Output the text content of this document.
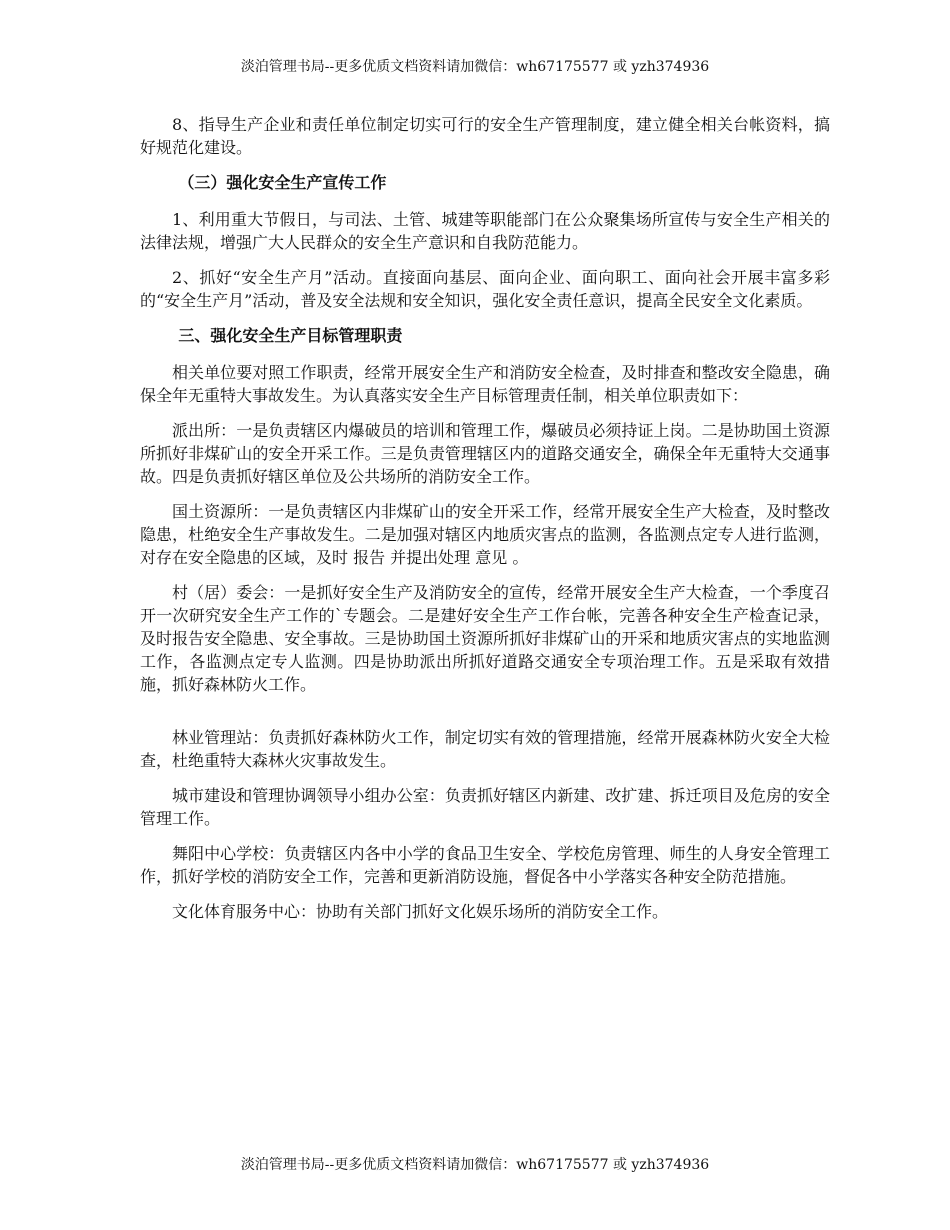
淡泊管理书局--更多优质文档资料请加微信：wh67175577 或 yzh374936

8、指导生产企业和责任单位制定切实可行的安全生产管理制度，建立健全相关台帐资料，搞好规范化建设。

（三）强化安全生产宣传工作

1、利用重大节假日，与司法、土管、城建等职能部门在公众聚集场所宣传与安全生产相关的法律法规，增强广大人民群众的安全生产意识和自我防范能力。

2、抓好“安全生产月”活动。直接面向基层、面向企业、面向职工、面向社会开展丰富多彩的“安全生产月”活动，普及安全法规和安全知识，强化安全责任意识，提高全民安全文化素质。

三、强化安全生产目标管理职责

相关单位要对照工作职责，经常开展安全生产和消防安全检查，及时排查和整改安全隐患，确保全年无重特大事故发生。为认真落实安全生产目标管理责任制，相关单位职责如下：

派出所：一是负责辖区内爆破员的培训和管理工作，爆破员必须持证上岗。二是协助国土资源所抓好非煤矿山的安全开采工作。三是负责管理辖区内的道路交通安全，确保全年无重特大交通事故。四是负责抓好辖区单位及公共场所的消防安全工作。

国土资源所：一是负责辖区内非煤矿山的安全开采工作，经常开展安全生产大检查，及时整改隐患，杜绝安全生产事故发生。二是加强对辖区内地质灾害点的监测，各监测点定专人进行监测，对存在安全隐患的区域，及时 报告 并提出处理 意见 。

村（居）委会：一是抓好安全生产及消防安全的宣传，经常开展安全生产大检查，一个季度召开一次研究安全生产工作的`专题会。二是建好安全生产工作台帐，完善各种安全生产检查记录，及时报告安全隐患、安全事故。三是协助国土资源所抓好非煤矿山的开采和地质灾害点的实地监测工作，各监测点定专人监测。四是协助派出所抓好道路交通安全专项治理工作。五是采取有效措施，抓好森林防火工作。

林业管理站：负责抓好森林防火工作，制定切实有效的管理措施，经常开展森林防火安全大检查，杜绝重特大森林火灾事故发生。

城市建设和管理协调领导小组办公室：负责抓好辖区内新建、改扩建、拆迁项目及危房的安全管理工作。

舞阳中心学校：负责辖区内各中小学的食品卫生安全、学校危房管理、师生的人身安全管理工作，抓好学校的消防安全工作，完善和更新消防设施，督促各中小学落实各种安全防范措施。

文化体育服务中心：协助有关部门抓好文化娱乐场所的消防安全工作。

淡泊管理书局--更多优质文档资料请加微信：wh67175577 或 yzh374936
